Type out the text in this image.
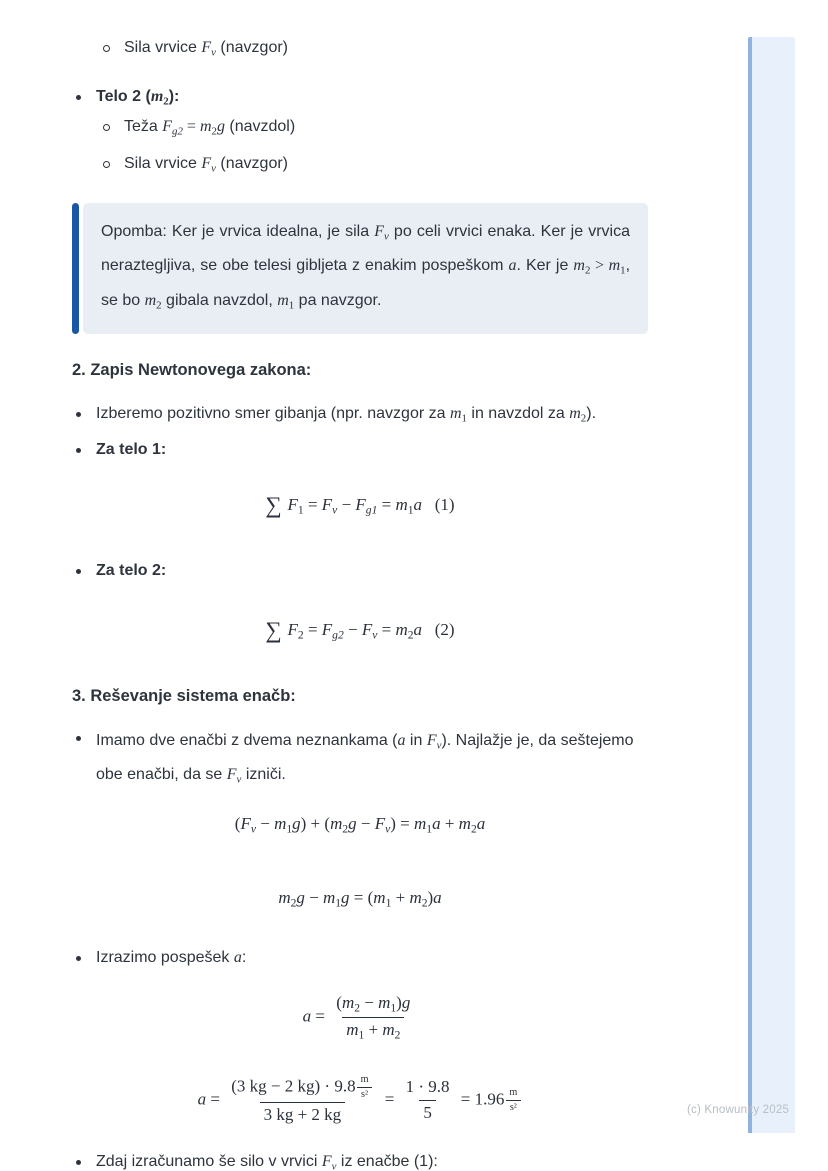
Sila vrvice $F_v$ (navzgor)
Telo 2 $(m_2)$:
Teža $F_{g2} = m_2g$ (navzdol)
Sila vrvice $F_v$ (navzgor)
Opomba: Ker je vrvica idealna, je sila $F_v$ po celi vrvici enaka. Ker je vrvica neraztegljiva, se obe telesi gibljeta z enakim pospeškom a. Ker je $m_2 > m_1$, se bo $m_2$ gibala navzdol, $m_1$ pa navzgor.
2. Zapis Newtonovega zakona:
Izberemo pozitivno smer gibanja (npr. navzgor za $m_1$ in navzdol za $m_2$).
Za telo 1:
∑ $F_1 = F_v - F_{g1} = m_1a$   (1)
Za telo 2:
∑ $F_2 = F_{g2} - F_v = m_2a$   (2)
3. Reševanje sistema enačb:
Imamo dve enačbi z dvema neznankama (a in $F_v$). Najlažje je, da seštejemo obe enačbi, da se $F_v$ izniči.
$(F_v - m_1g) + (m_2g - F_v) = m_1a + m_2a$
$m_2g - m_1g = (m_1 + m_2)a$
Izrazimo pospešek a:
$a = \frac{(m_2 - m_1)g}{m_1 + m_2}$
$a = \frac{(3 kg - 2 kg) \cdot 9.8 \frac{m}{\text{s²}}}{3 kg + 2 kg} = \frac{1 \cdot 9.8}{5} = 1.96 \frac{m}{\text{s²}}$
Zdaj izračunamo še silo v vrvici $F_v$ iz enačbe (1):
(c) Knowunity 2025
